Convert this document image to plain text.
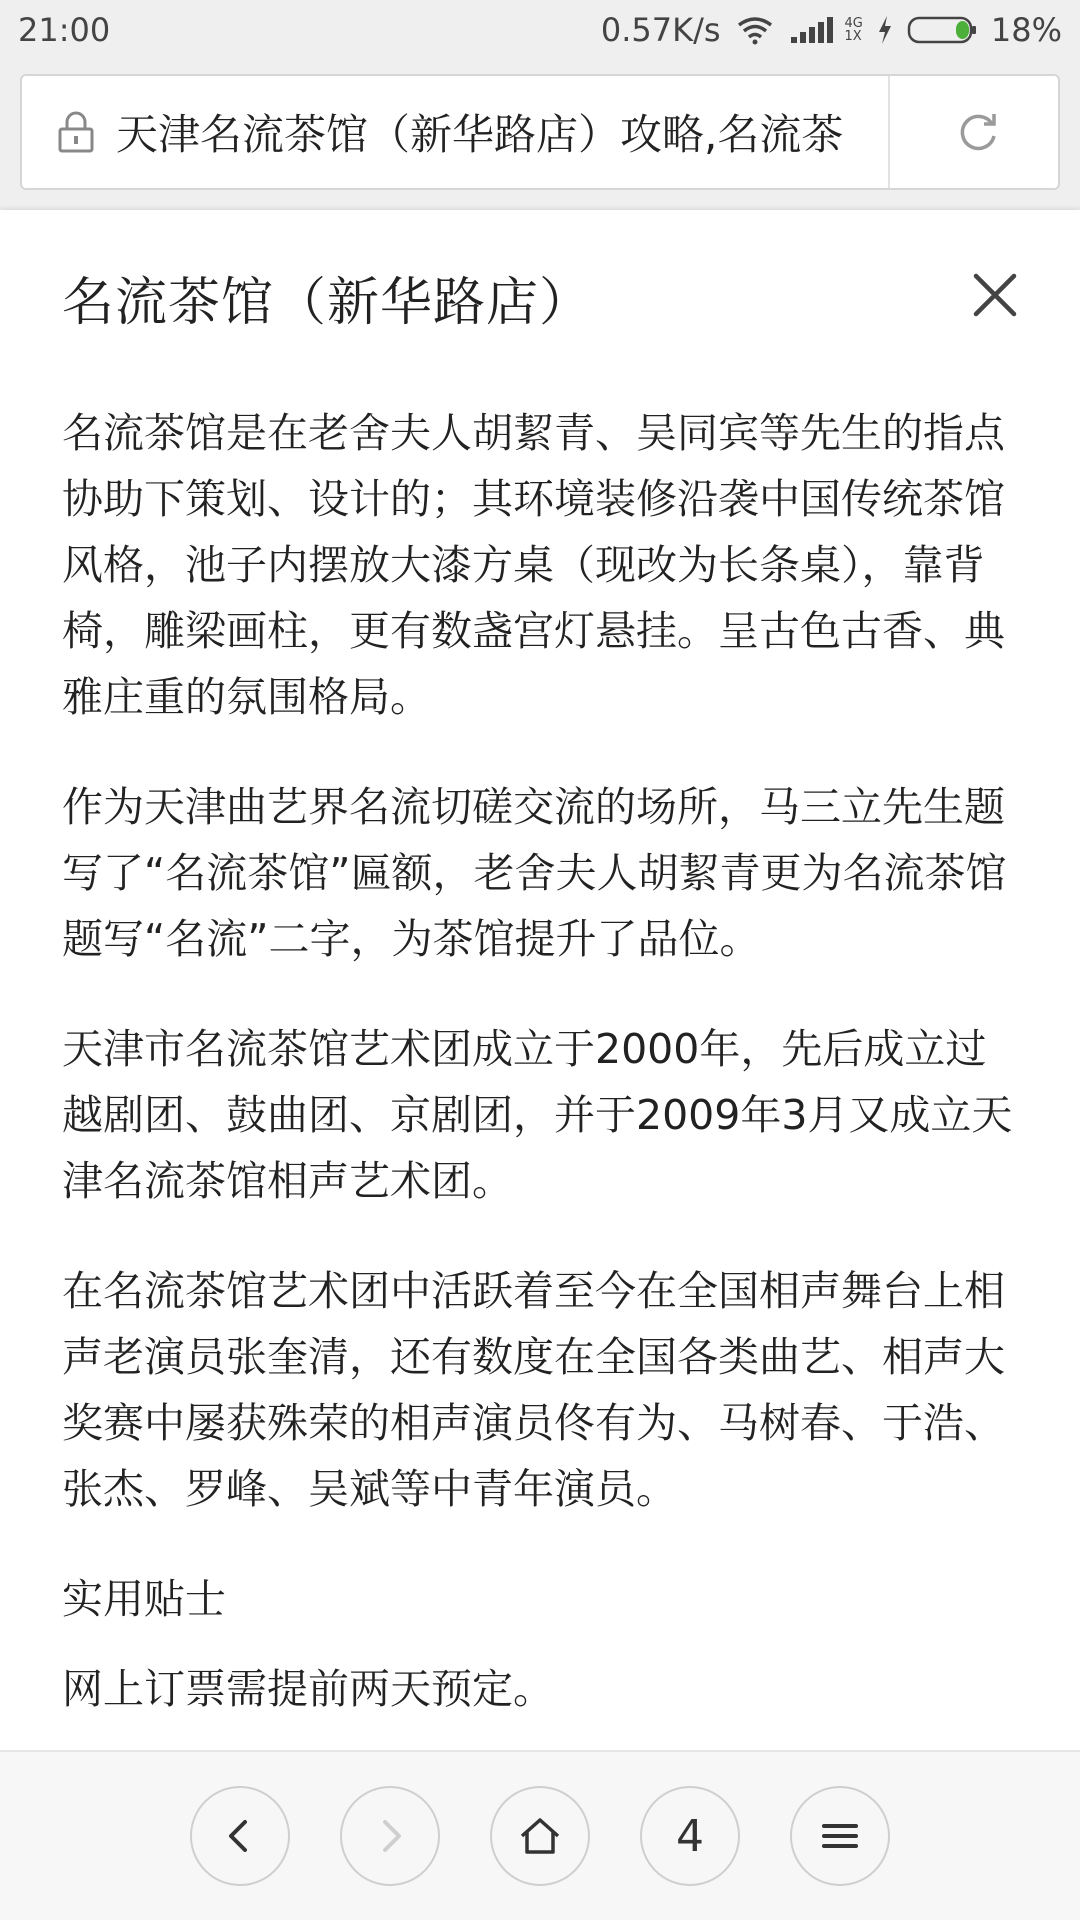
21:00	0.57K/s	4G
1X	18%
天津名流茶馆（新华路店）攻略,名流茶
名流茶馆（新华路店）

名流茶馆是在老舍夫人胡絜青、吴同宾等先生的指点协助下策划、设计的；其环境装修沿袭中国传统茶馆风格，池子内摆放大漆方桌（现改为长条桌），靠背椅，雕梁画柱，更有数盏宫灯悬挂。呈古色古香、典雅庄重的氛围格局。

作为天津曲艺界名流切磋交流的场所，马三立先生题写了“名流茶馆”匾额，老舍夫人胡絜青更为名流茶馆题写“名流”二字，为茶馆提升了品位。

天津市名流茶馆艺术团成立于2000年，先后成立过越剧团、鼓曲团、京剧团，并于2009年3月又成立天津名流茶馆相声艺术团。

在名流茶馆艺术团中活跃着至今在全国相声舞台上相声老演员张奎清，还有数度在全国各类曲艺、相声大奖赛中屡获殊荣的相声演员佟有为、马树春、于浩、张杰、罗峰、吴斌等中青年演员。

实用贴士

网上订票需提前两天预定。

4
